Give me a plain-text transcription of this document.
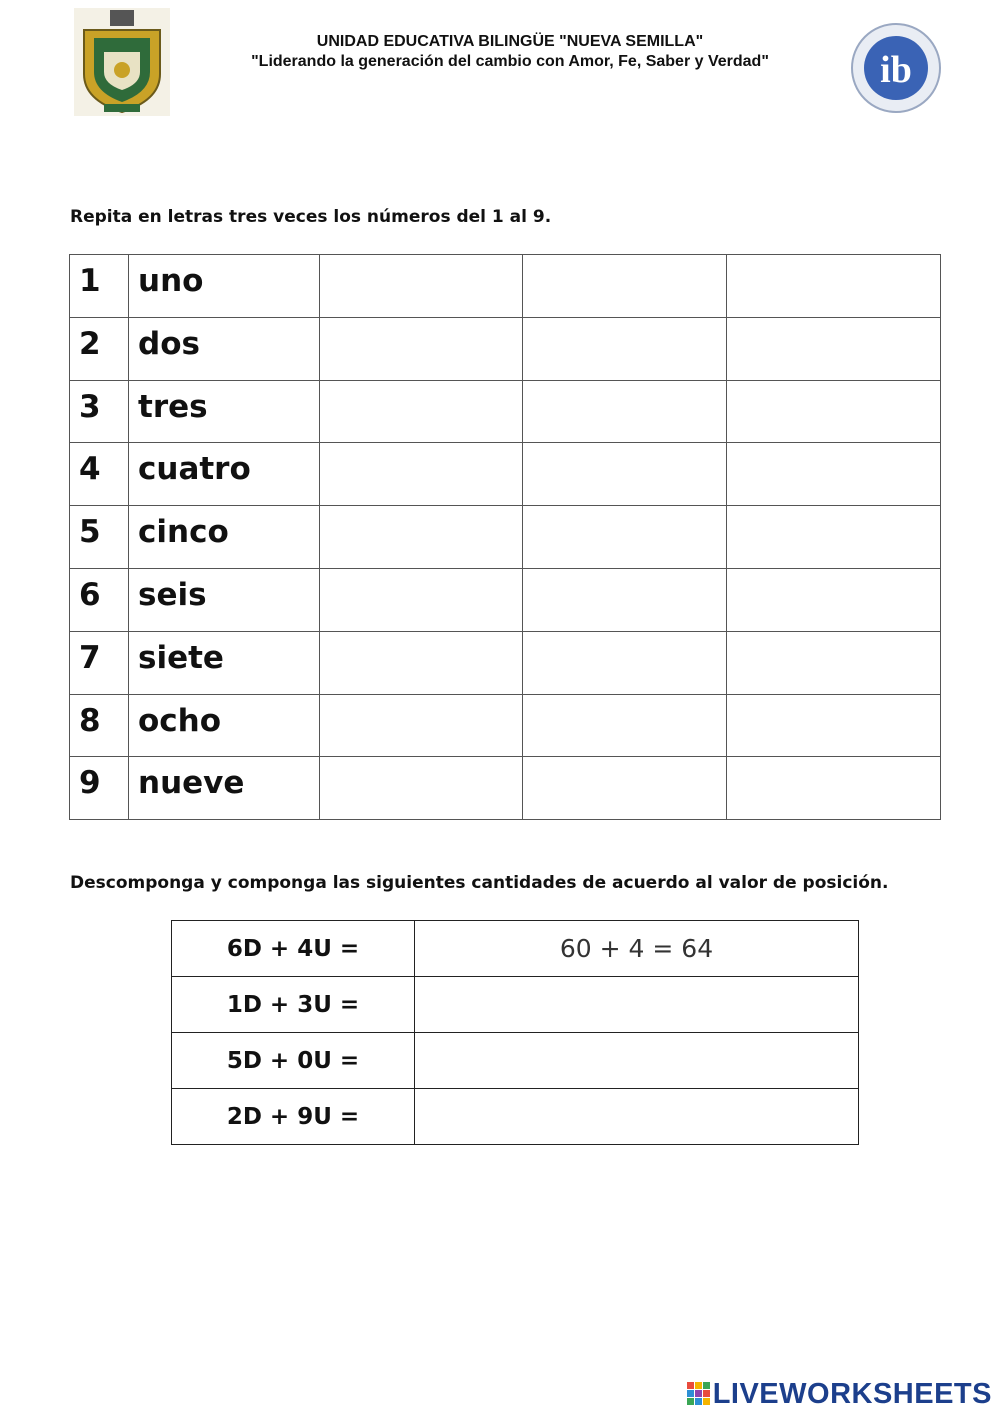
UNIDAD EDUCATIVA BILINGÜE "NUEVA SEMILLA"
"Liderando la generación del cambio con Amor, Fe, Saber y Verdad"	ib
Repita en letras tres veces los números del 1 al 9.
1	uno			
2	dos			
3	tres			
4	cuatro			
5	cinco			
6	seis			
7	siete			
8	ocho			
9	nueve			
Descomponga y componga las siguientes cantidades de acuerdo al valor de posición.
6D + 4U =	60 + 4 = 64
1D + 3U =	
5D + 0U =	
2D + 9U =	
LIVEWORKSHEETS
